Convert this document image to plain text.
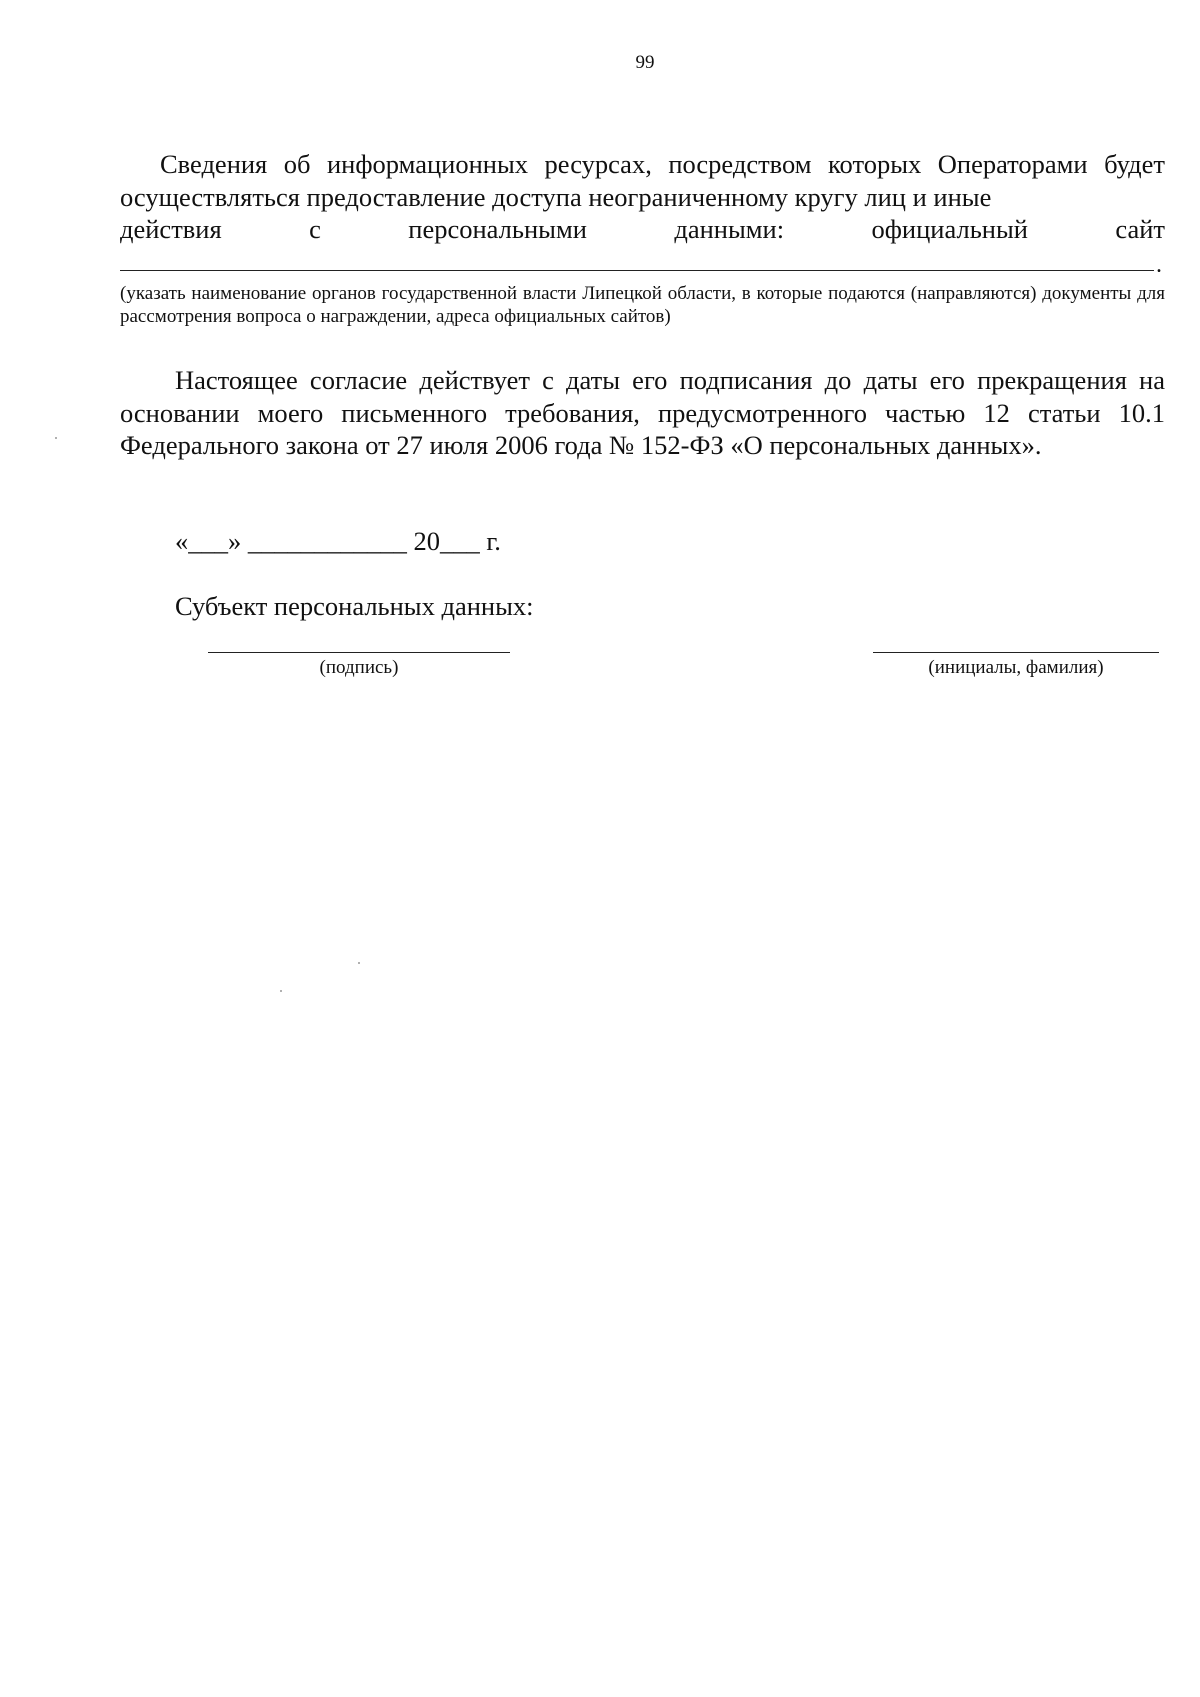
99
Сведения об информационных ресурсах, посредством которых Операторами будет осуществляться предоставление доступа неограниченному кругу лиц и иные
действия с персональными данными: официальный сайт
.
(указать наименование органов государственной власти Липецкой области, в которые подаются (направляются) документы для рассмотрения вопроса о награждении, адреса официальных сайтов)
Настоящее согласие действует с даты его подписания до даты его прекращения на основании моего письменного требования, предусмотренного частью 12 статьи 10.1 Федерального закона от 27 июля 2006 года № 152-ФЗ «О персональных данных».
«___» ____________ 20___ г.
Субъект персональных данных:
(подпись)	(инициалы, фамилия)
